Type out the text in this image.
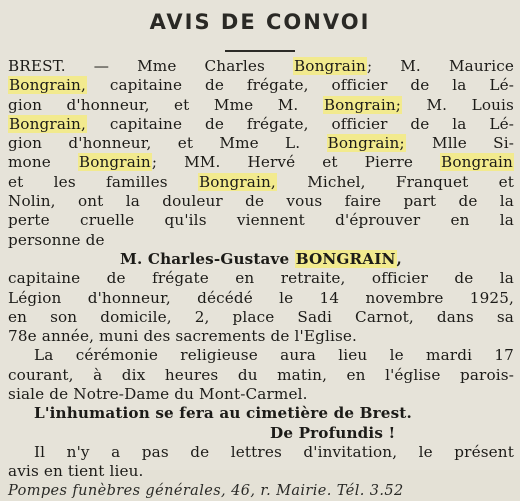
AVIS DE CONVOI
BREST. — Mme Charles Bongrain; M. Maurice
Bongrain, capitaine de frégate, officier de la Lé-
gion d'honneur, et Mme M. Bongrain; M. Louis
Bongrain, capitaine de frégate, officier de la Lé-
gion d'honneur, et Mme L. Bongrain; Mlle Si-
mone Bongrain; MM. Hervé et Pierre Bongrain
et les familles Bongrain, Michel, Franquet et
Nolin, ont la douleur de vous faire part de la
perte cruelle qu'ils viennent d'éprouver en la
personne de
M. Charles-Gustave BONGRAIN,
capitaine de frégate en retraite, officier de la
Légion d'honneur, décédé le 14 novembre 1925,
en son domicile, 2, place Sadi Carnot, dans sa
78e année, muni des sacrements de l'Eglise.
La cérémonie religieuse aura lieu le mardi 17
courant, à dix heures du matin, en l'église parois-
siale de Notre-Dame du Mont-Carmel.
L'inhumation se fera au cimetière de Brest.
De Profundis !
Il n'y a pas de lettres d'invitation, le présent
avis en tient lieu.
Pompes funèbres générales, 46, r. Mairie. Tél. 3.52
